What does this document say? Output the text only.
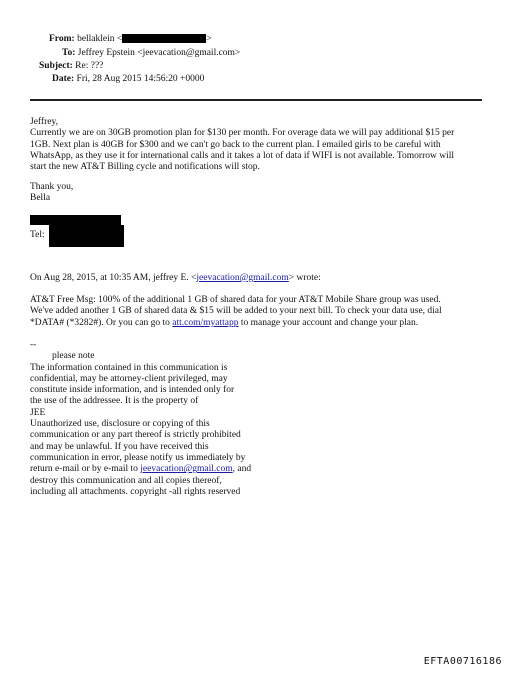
From: bellaklein <	>
To: Jeffrey Epstein <jeevacation@gmail.com>
Subject: Re: ???
Date: Fri, 28 Aug 2015 14:56:20 +0000

Jeffrey,

Currently we are on 30GB promotion plan for $130 per month. For overage data we will pay additional $15 per

1GB. Next plan is 40GB for $300 and we can't go back to the current plan. I emailed girls to be careful with

WhatsApp, as they use it for international calls and it takes a lot of data if WIFI is not available. Tomorrow will

start the new AT&T Billing cycle and notifications will stop.

Thank you,

Bella

Tel:
On Aug 28, 2015, at 10:35 AM, jeffrey E. <jeevacation@gmail.com> wrote:

AT&T Free Msg: 100% of the additional 1 GB of shared data for your AT&T Mobile Share group was used.

We've added another 1 GB of shared data & $15 will be added to your next bill. To check your data use, dial

*DATA# (*3282#). Or you can go to att.com/myattapp to manage your account and change your plan.

--

please note

The information contained in this communication is

confidential, may be attorney-client privileged, may

constitute inside information, and is intended only for

the use of the addressee. It is the property of

JEE

Unauthorized use, disclosure or copying of this

communication or any part thereof is strictly prohibited

and may be unlawful. If you have received this

communication in error, please notify us immediately by

return e-mail or by e-mail to jeevacation@gmail.com, and

destroy this communication and all copies thereof,

including all attachments. copyright -all rights reserved

EFTA00716186
